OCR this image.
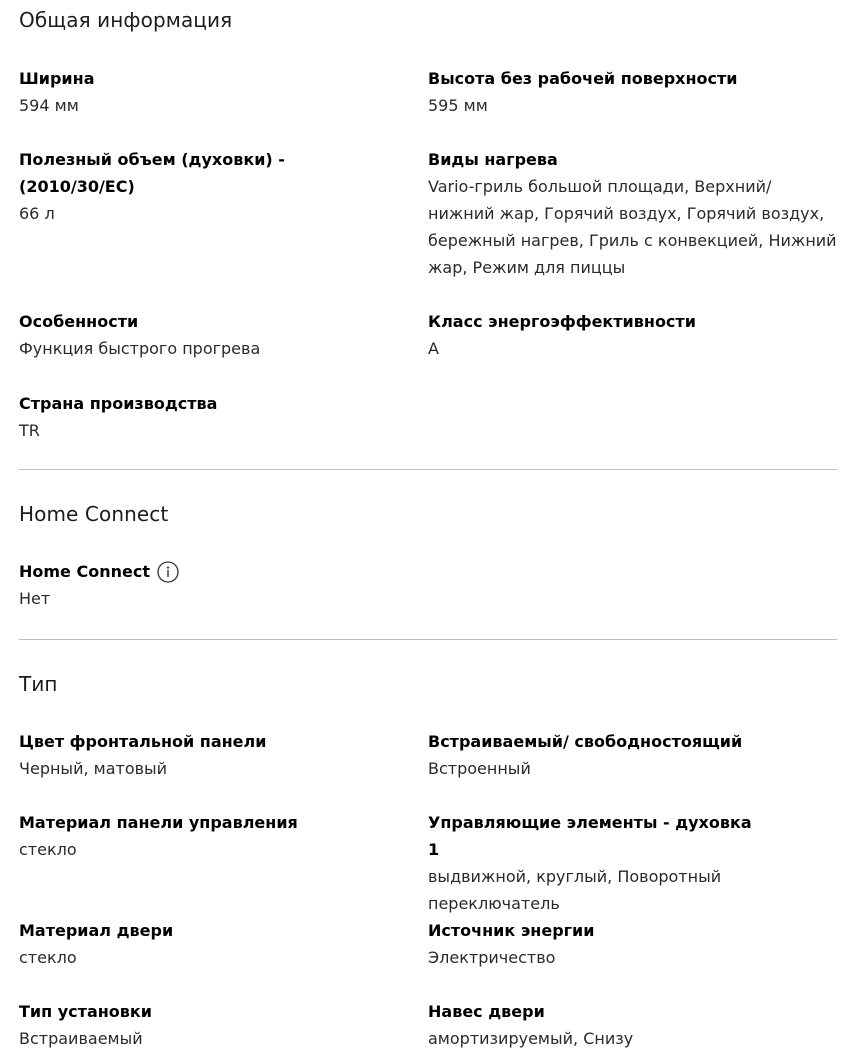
Общая информация
Ширина
594 мм
Высота без рабочей поверхности
595 мм
Полезный объем (духовки) - (2010/30/EC)
66 л
Виды нагрева
Vario-гриль большой площади, Верхний/ нижний жар, Горячий воздух, Горячий воздух, бережный нагрев, Гриль с конвекцией, Нижний жар, Режим для пиццы
Особенности
Функция быстрого прогрева
Класс энергоэффективности
A
Страна производства
TR
Home Connect
Home Connect
Нет
Тип
Цвет фронтальной панели
Черный, матовый
Встраиваемый/ свободностоящий
Встроенный
Материал панели управления
стекло
Управляющие элементы - духовка 1
выдвижной, круглый, Поворотный переключатель
Материал двери
стекло
Источник энергии
Электричество
Тип установки
Встраиваемый
Навес двери
амортизируемый, Снизу
